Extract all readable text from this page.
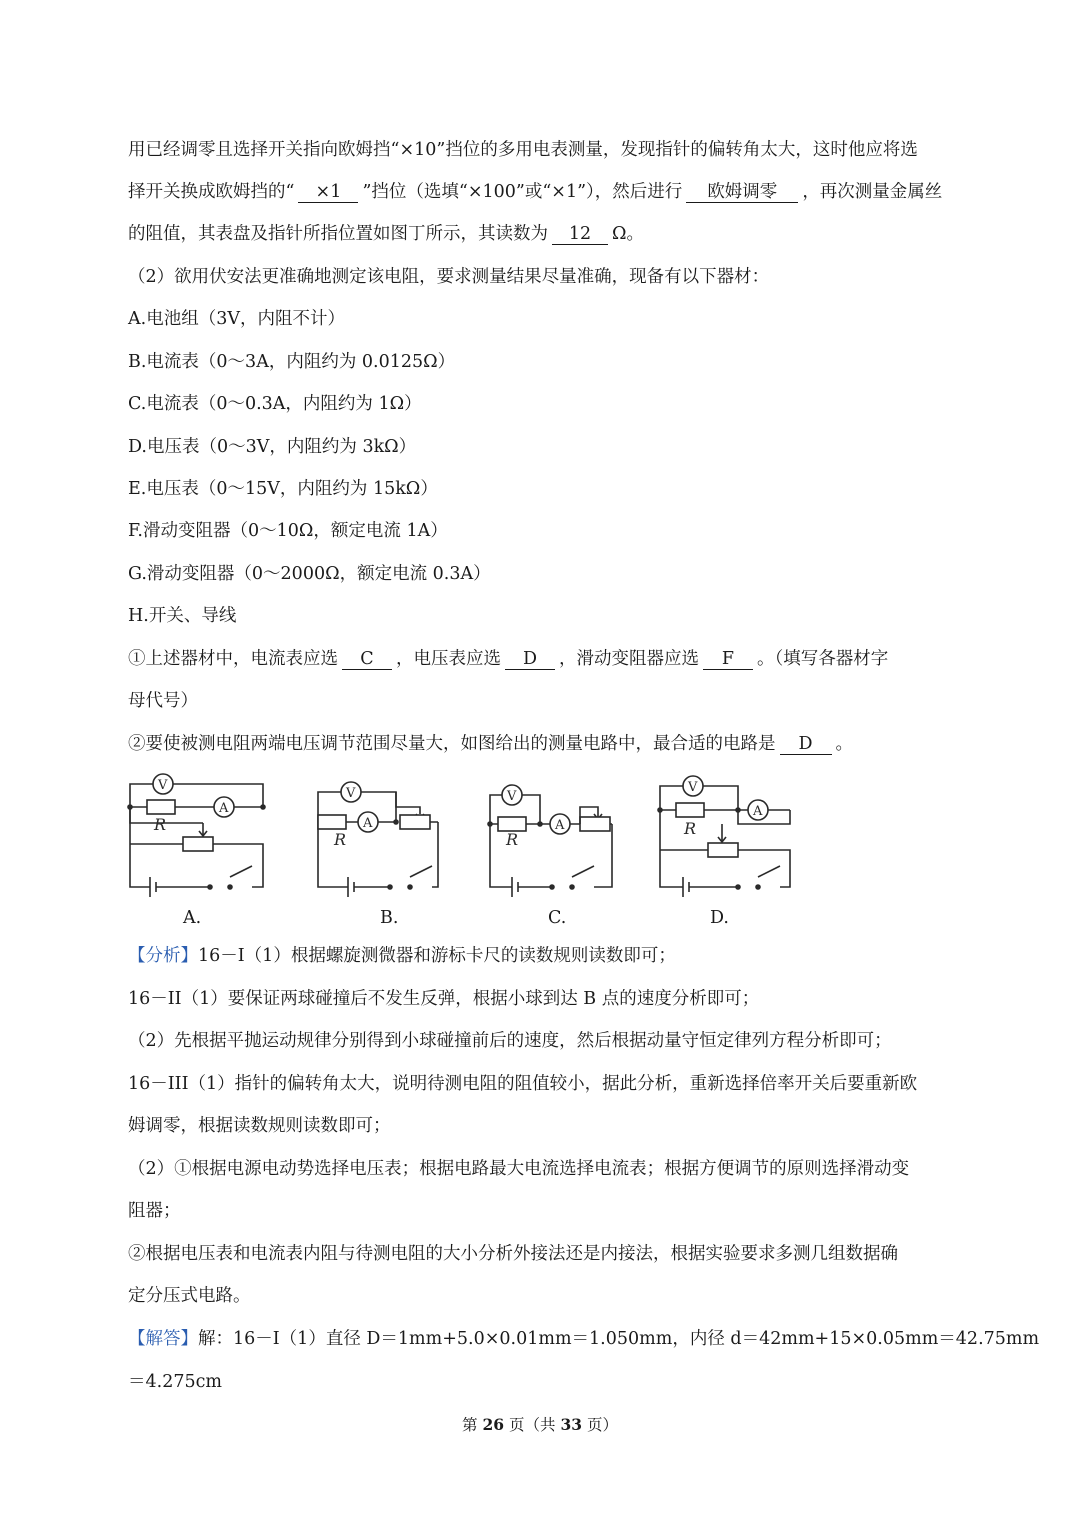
用已经调零且选择开关指向欧姆挡“×10”挡位的多用电表测量，发现指针的偏转角太大，这时他应将选
择开关换成欧姆挡的“ ×1 ”挡位（选填“×100”或“×1”），然后进行 欧姆调零 ，再次测量金属丝
的阻值，其表盘及指针所指位置如图丁所示，其读数为 12 Ω。
（2）欲用伏安法更准确地测定该电阻，要求测量结果尽量准确，现备有以下器材：
A.电池组（3V，内阻不计）
B.电流表（0～3A，内阻约为 0.0125Ω）
C.电流表（0～0.3A，内阻约为 1Ω）
D.电压表（0～3V，内阻约为 3kΩ）
E.电压表（0～15V，内阻约为 15kΩ）
F.滑动变阻器（0～10Ω，额定电流 1A）
G.滑动变阻器（0～2000Ω，额定电流 0.3A）
H.开关、导线
①上述器材中，电流表应选 C ，电压表应选 D ，滑动变阻器应选 F 。（填写各器材字
母代号）
②要使被测电阻两端电压调节范围尽量大，如图给出的测量电路中，最合适的电路是 D 。
V
A
R
V
A
R
V
A
R
V
A
R
A.	B.	C.	D.
【分析】16－I（1）根据螺旋测微器和游标卡尺的读数规则读数即可；
16－II（1）要保证两球碰撞后不发生反弹，根据小球到达 B 点的速度分析即可；
（2）先根据平抛运动规律分别得到小球碰撞前后的速度，然后根据动量守恒定律列方程分析即可；
16－III（1）指针的偏转角太大，说明待测电阻的阻值较小，据此分析，重新选择倍率开关后要重新欧
姆调零，根据读数规则读数即可；
（2）①根据电源电动势选择电压表；根据电路最大电流选择电流表；根据方便调节的原则选择滑动变
阻器；
②根据电压表和电流表内阻与待测电阻的大小分析外接法还是内接法，根据实验要求多测几组数据确
定分压式电路。
【解答】解：16－I（1）直径 D＝1mm+5.0×0.01mm＝1.050mm，内径 d＝42mm+15×0.05mm＝42.75mm
＝4.275cm
第 26 页（共 33 页）
